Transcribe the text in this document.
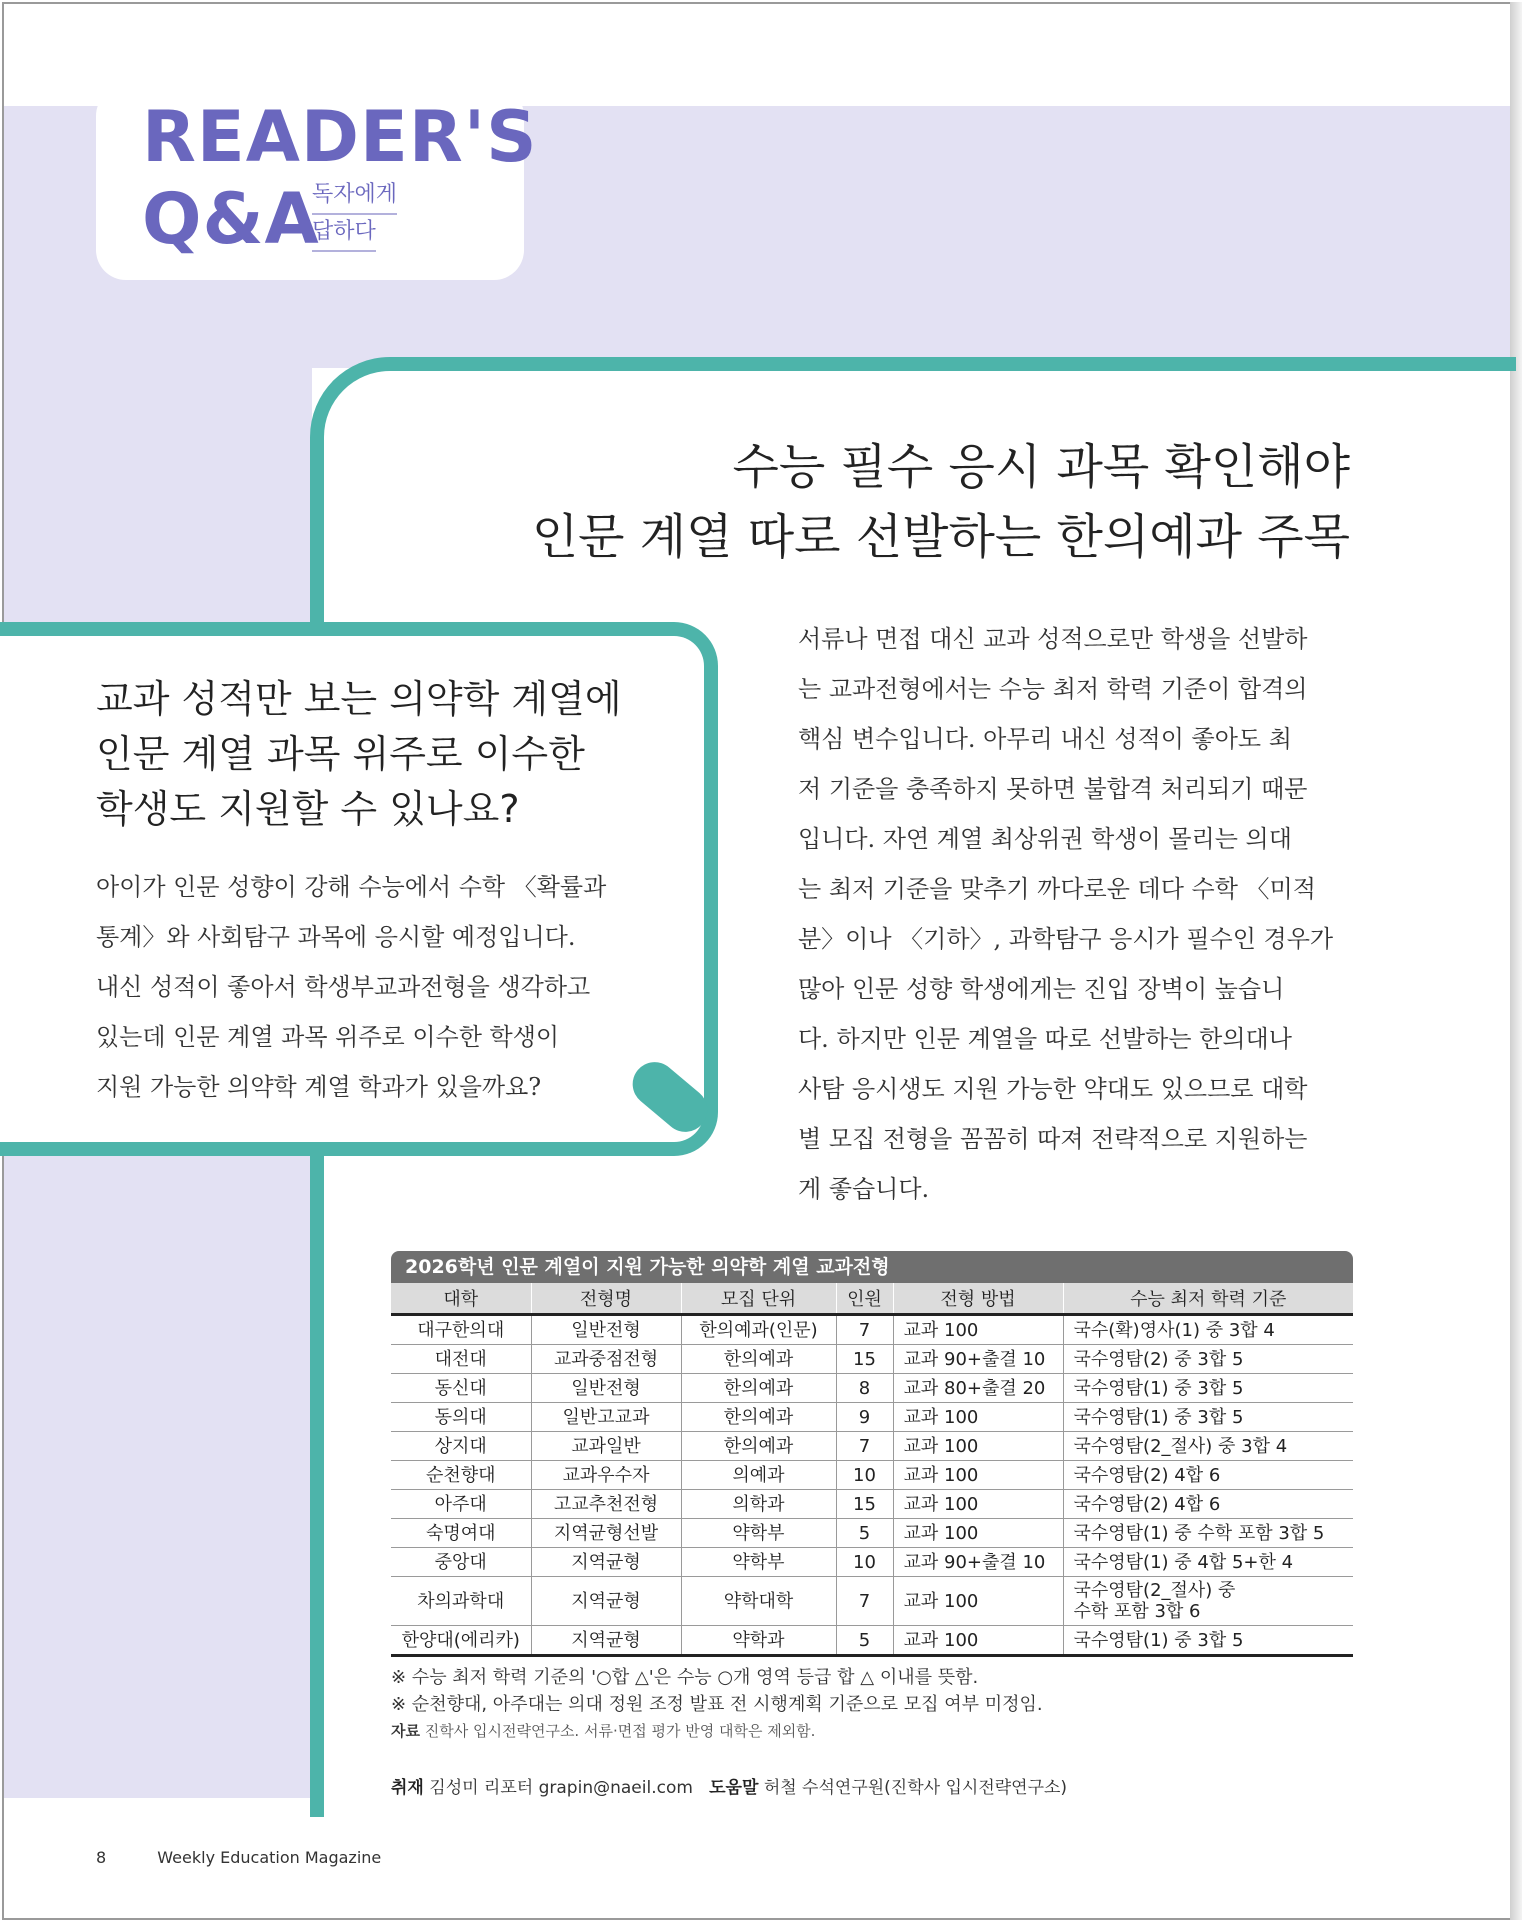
READER'S
Q&A
독자에게
답하다
수능 필수 응시 과목 확인해야
인문 계열 따로 선발하는 한의예과 주목
교과 성적만 보는 의약학 계열에
인문 계열 과목 위주로 이수한
학생도 지원할 수 있나요?
아이가 인문 성향이 강해 수능에서 수학 〈확률과
통계〉와 사회탐구 과목에 응시할 예정입니다.
내신 성적이 좋아서 학생부교과전형을 생각하고
있는데 인문 계열 과목 위주로 이수한 학생이
지원 가능한 의약학 계열 학과가 있을까요?
서류나 면접 대신 교과 성적으로만 학생을 선발하
는 교과전형에서는 수능 최저 학력 기준이 합격의
핵심 변수입니다. 아무리 내신 성적이 좋아도 최
저 기준을 충족하지 못하면 불합격 처리되기 때문
입니다. 자연 계열 최상위권 학생이 몰리는 의대
는 최저 기준을 맞추기 까다로운 데다 수학 〈미적
분〉이나 〈기하〉, 과학탐구 응시가 필수인 경우가
많아 인문 성향 학생에게는 진입 장벽이 높습니
다. 하지만 인문 계열을 따로 선발하는 한의대나
사탐 응시생도 지원 가능한 약대도 있으므로 대학
별 모집 전형을 꼼꼼히 따져 전략적으로 지원하는
게 좋습니다.
2026학년 인문 계열이 지원 가능한 의약학 계열 교과전형
대학	전형명	모집 단위	인원	전형 방법	수능 최저 학력 기준
대구한의대	일반전형	한의예과(인문)	7	교과 100	국수(확)영사(1) 중 3합 4
대전대	교과중점전형	한의예과	15	교과 90+출결 10	국수영탐(2) 중 3합 5
동신대	일반전형	한의예과	8	교과 80+출결 20	국수영탐(1) 중 3합 5
동의대	일반고교과	한의예과	9	교과 100	국수영탐(1) 중 3합 5
상지대	교과일반	한의예과	7	교과 100	국수영탐(2_절사) 중 3합 4
순천향대	교과우수자	의예과	10	교과 100	국수영탐(2) 4합 6
아주대	고교추천전형	의학과	15	교과 100	국수영탐(2) 4합 6
숙명여대	지역균형선발	약학부	5	교과 100	국수영탐(1) 중 수학 포함 3합 5
중앙대	지역균형	약학부	10	교과 90+출결 10	국수영탐(1) 중 4합 5+한 4
차의과학대	지역균형	약학대학	7	교과 100	국수영탐(2_절사) 중
수학 포함 3합 6
한양대(에리카)	지역균형	약학과	5	교과 100	국수영탐(1) 중 3합 5
※ 수능 최저 학력 기준의 '○합 △'은 수능 ○개 영역 등급 합 △ 이내를 뜻함.
※ 순천향대, 아주대는 의대 정원 조정 발표 전 시행계획 기준으로 모집 여부 미정임.
자료 진학사 입시전략연구소. 서류·면접 평가 반영 대학은 제외함.
취재 김성미 리포터 grapin@naeil.com 도움말 허철 수석연구원(진학사 입시전략연구소)
8	Weekly Education Magazine
